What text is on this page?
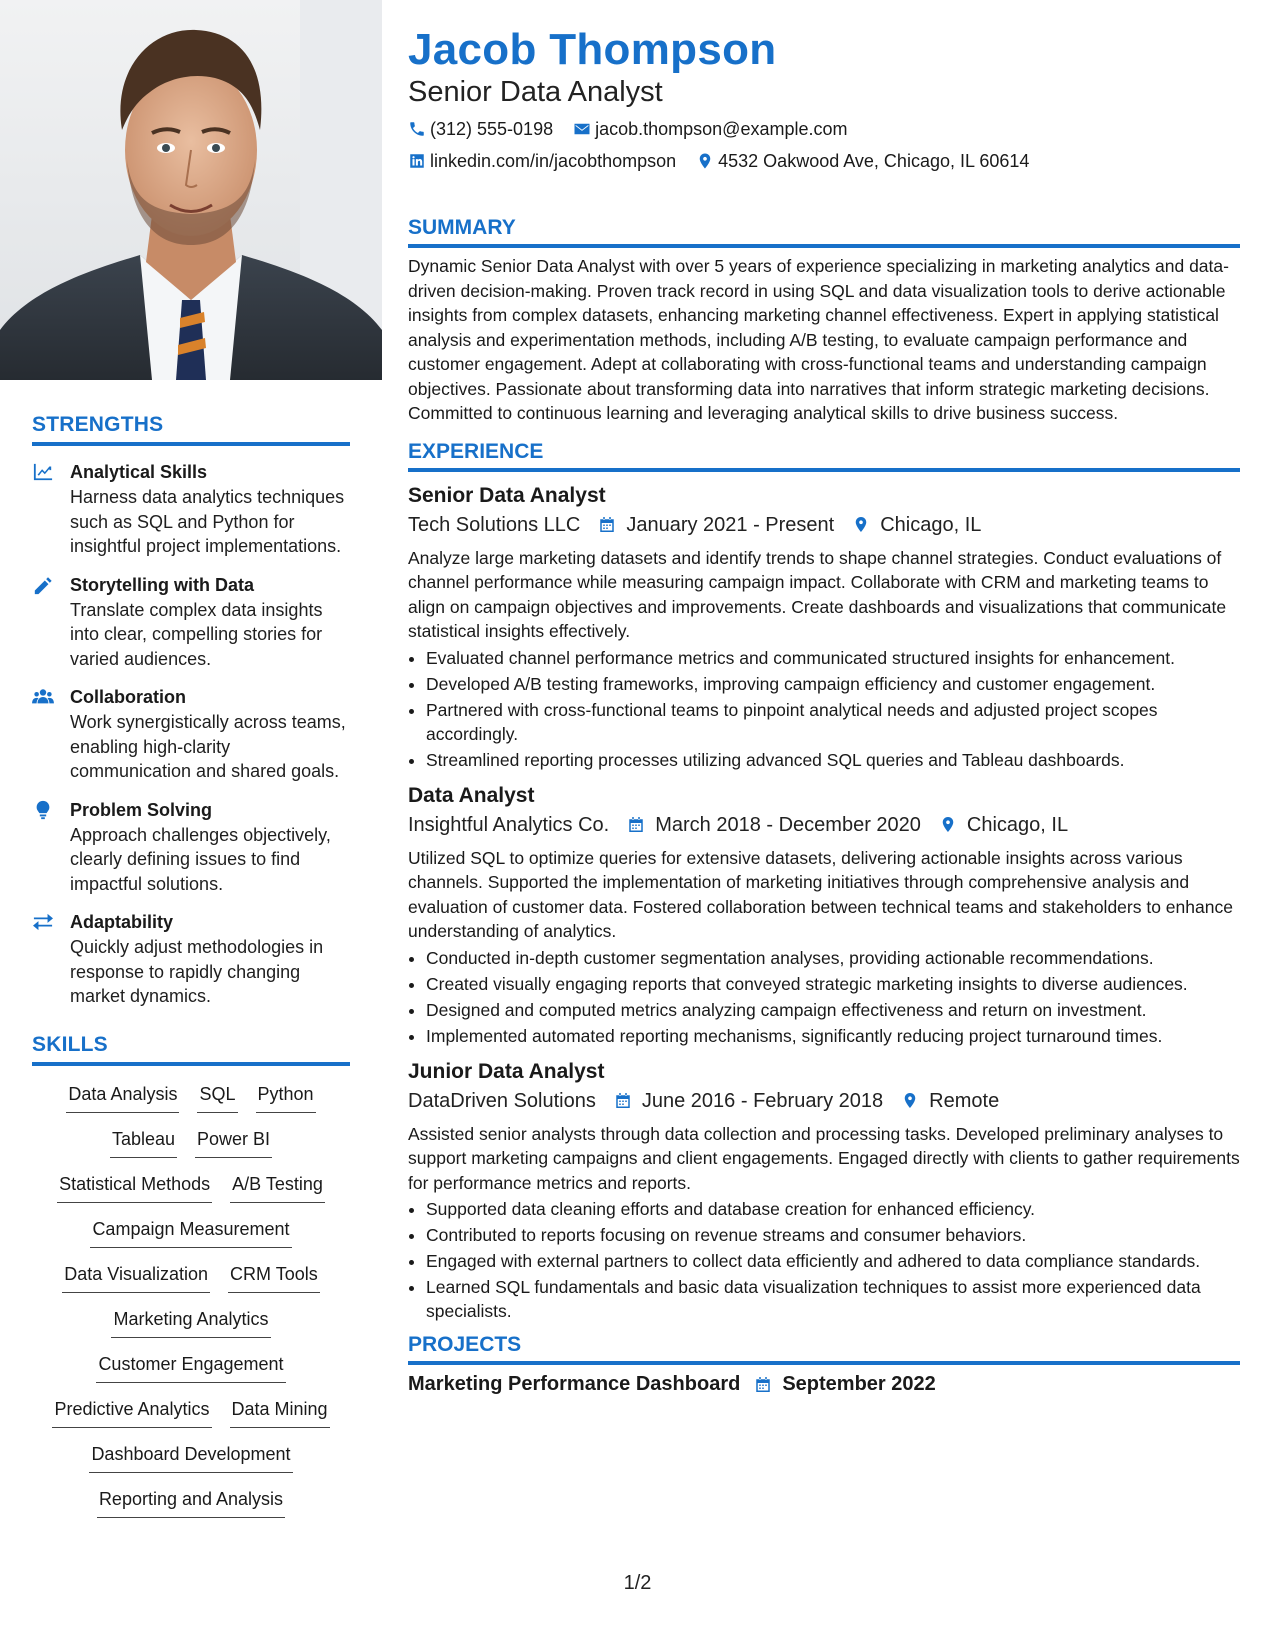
STRENGTHS
Analytical Skills
Harness data analytics techniques such as SQL and Python for insightful project implementations.
Storytelling with Data
Translate complex data insights into clear, compelling stories for varied audiences.
Collaboration
Work synergistically across teams, enabling high-clarity communication and shared goals.
Problem Solving
Approach challenges objectively, clearly defining issues to find impactful solutions.
Adaptability
Quickly adjust methodologies in response to rapidly changing market dynamics.
SKILLS
Data Analysis SQL Python
Tableau Power BI
Statistical Methods A/B Testing
Campaign Measurement
Data Visualization CRM Tools
Marketing Analytics
Customer Engagement
Predictive Analytics Data Mining
Dashboard Development
Reporting and Analysis
Jacob Thompson
Senior Data Analyst
(312) 555-0198 jacob.thompson@example.com
linkedin.com/in/jacobthompson 4532 Oakwood Ave, Chicago, IL 60614
SUMMARY
Dynamic Senior Data Analyst with over 5 years of experience specializing in marketing analytics and data-driven decision-making. Proven track record in using SQL and data visualization tools to derive actionable insights from complex datasets, enhancing marketing channel effectiveness. Expert in applying statistical analysis and experimentation methods, including A/B testing, to evaluate campaign performance and customer engagement. Adept at collaborating with cross-functional teams and understanding campaign objectives. Passionate about transforming data into narratives that inform strategic marketing decisions. Committed to continuous learning and leveraging analytical skills to drive business success.
EXPERIENCE
Senior Data Analyst
Tech Solutions LLC January 2021 - Present Chicago, IL
Analyze large marketing datasets and identify trends to shape channel strategies. Conduct evaluations of channel performance while measuring campaign impact. Collaborate with CRM and marketing teams to align on campaign objectives and improvements. Create dashboards and visualizations that communicate statistical insights effectively.
• Evaluated channel performance metrics and communicated structured insights for enhancement.
• Developed A/B testing frameworks, improving campaign efficiency and customer engagement.
• Partnered with cross-functional teams to pinpoint analytical needs and adjusted project scopes accordingly.
• Streamlined reporting processes utilizing advanced SQL queries and Tableau dashboards.
Data Analyst
Insightful Analytics Co. March 2018 - December 2020 Chicago, IL
Utilized SQL to optimize queries for extensive datasets, delivering actionable insights across various channels. Supported the implementation of marketing initiatives through comprehensive analysis and evaluation of customer data. Fostered collaboration between technical teams and stakeholders to enhance understanding of analytics.
• Conducted in-depth customer segmentation analyses, providing actionable recommendations.
• Created visually engaging reports that conveyed strategic marketing insights to diverse audiences.
• Designed and computed metrics analyzing campaign effectiveness and return on investment.
• Implemented automated reporting mechanisms, significantly reducing project turnaround times.
Junior Data Analyst
DataDriven Solutions June 2016 - February 2018 Remote
Assisted senior analysts through data collection and processing tasks. Developed preliminary analyses to support marketing campaigns and client engagements. Engaged directly with clients to gather requirements for performance metrics and reports.
• Supported data cleaning efforts and database creation for enhanced efficiency.
• Contributed to reports focusing on revenue streams and consumer behaviors.
• Engaged with external partners to collect data efficiently and adhered to data compliance standards.
• Learned SQL fundamentals and basic data visualization techniques to assist more experienced data specialists.
PROJECTS
Marketing Performance Dashboard September 2022
1/2
